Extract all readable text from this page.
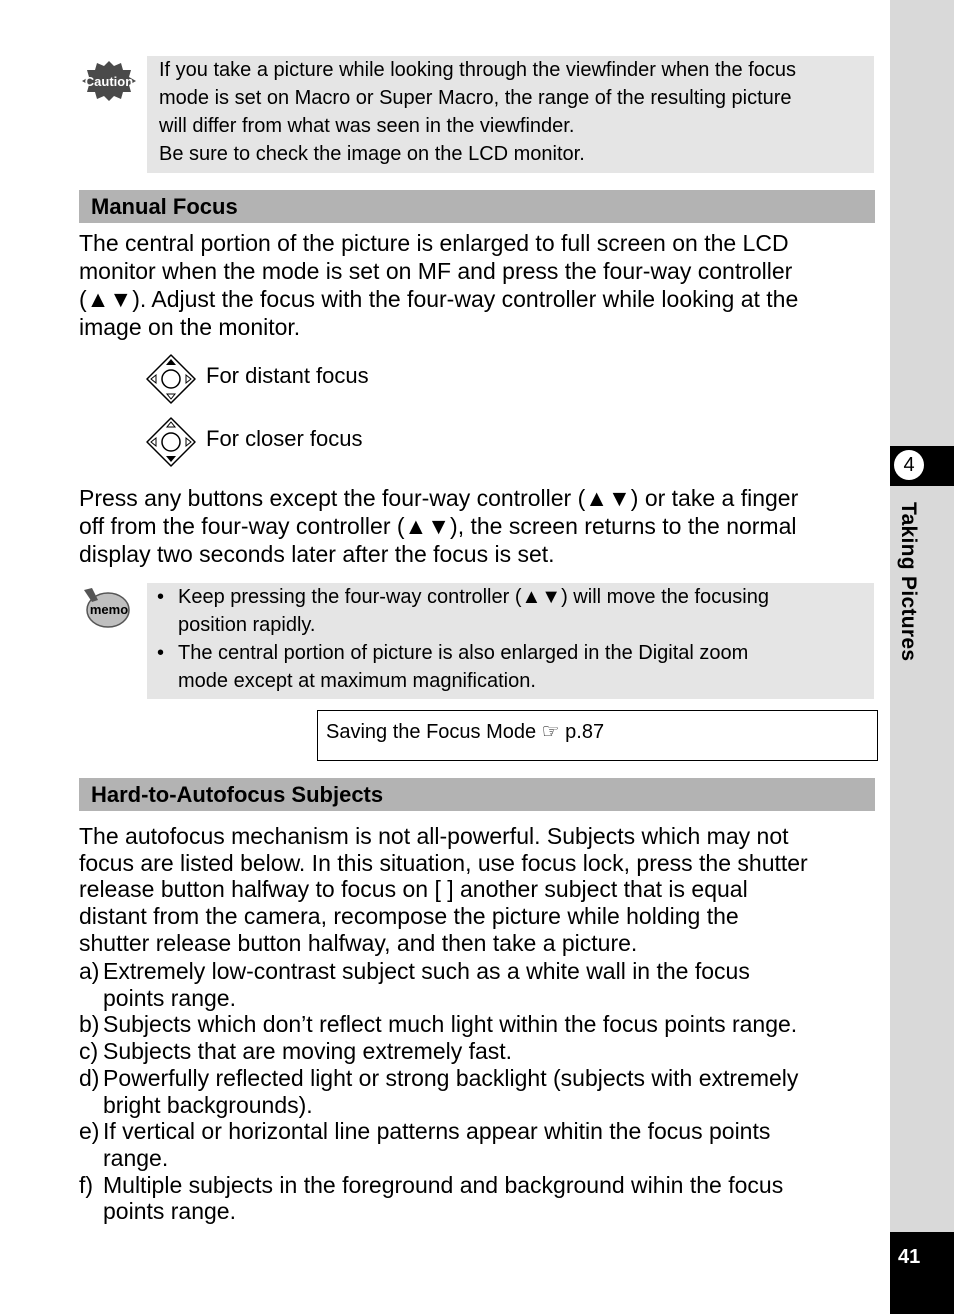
4
Taking Pictures
41
Caution

If you take a picture while looking through the viewfinder when the focus

mode is set on Macro or Super Macro, the range of the resulting picture

will differ from what was seen in the viewfinder.

Be sure to check the image on the LCD monitor.

Manual Focus
The central portion of the picture is enlarged to full screen on the LCD
monitor when the mode is set on MF and press the four-way controller
(▲▼). Adjust the focus with the four-way controller while looking at the
image on the monitor.
For distant focus
For closer focus
Press any buttons except the four-way controller (▲▼) or take a finger
off from the four-way controller (▲▼), the screen returns to the normal
display two seconds later after the focus is set.
memo
• Keep pressing the four-way controller (▲▼) will move the focusing
position rapidly.
• The central portion of picture is also enlarged in the Digital zoom
mode except at maximum magnification.
Saving the Focus Mode ☞ p.87
Hard-to-Autofocus Subjects
The autofocus mechanism is not all-powerful. Subjects which may not
focus are listed below. In this situation, use focus lock, press the shutter
release button halfway to focus on [ ] another subject that is equal
distant from the camera, recompose the picture while holding the
shutter release button halfway, and then take a picture.
a) Extremely low-contrast subject such as a white wall in the focus
points range.
b) Subjects which don’t reflect much light within the focus points range.
c) Subjects that are moving extremely fast.
d) Powerfully reflected light or strong backlight (subjects with extremely
bright backgrounds).
e) If vertical or horizontal line patterns appear whitin the focus points
range.
f) Multiple subjects in the foreground and background wihin the focus
points range.
